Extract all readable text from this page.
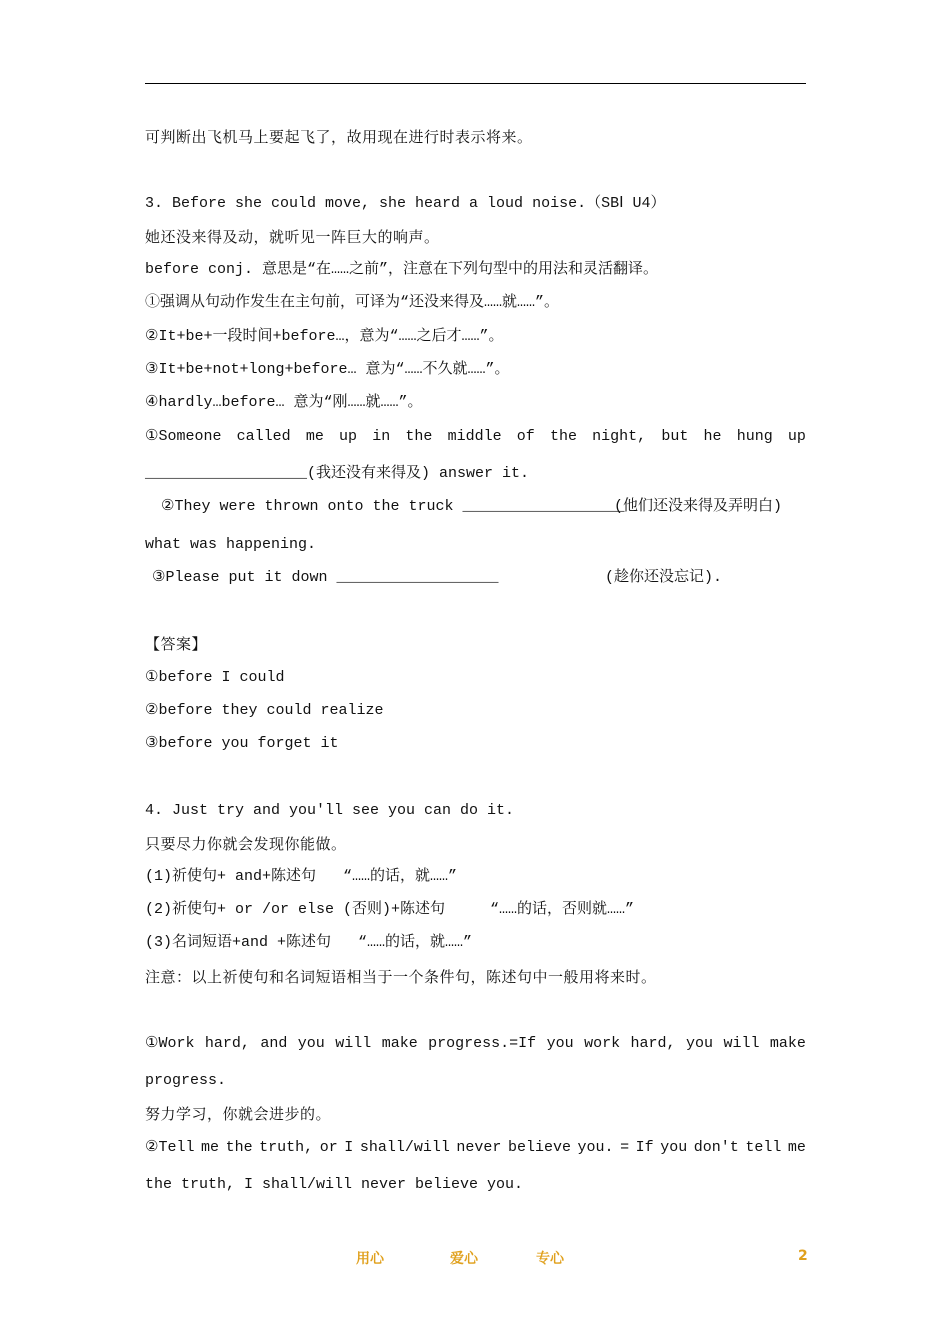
可判断出飞机马上要起飞了，故用现在进行时表示将来。
3. Before she could move, she heard a loud noise.（SBⅠ U4）
她还没来得及动，就听见一阵巨大的响声。
before conj. 意思是“在……之前”，注意在下列句型中的用法和灵活翻译。
①强调从句动作发生在主句前，可译为“还没来得及……就……”。
②It+be+一段时间+before…，意为“……之后才……”。
③It+be+not+long+before… 意为“……不久就……”。
④hardly…before… 意为“刚……就……”。
①Someone called me up in the middle of the night, but he hung up
__________________(我还没有来得及) answer it.
②They were thrown onto the truck __________________
(他们还没来得及弄明白)
what was happening.
③Please put it down __________________	(趁你还没忘记).
【答案】
①before I could
②before they could realize
③before you forget it
4. Just try and you'll see you can do it.
只要尽力你就会发现你能做。
(1)祈使句+ and+陈述句   “……的话，就……”
(2)祈使句+ or /or else (否则)+陈述句     “……的话，否则就……”
(3)名词短语+and +陈述句   “……的话，就……”
注意：以上祈使句和名词短语相当于一个条件句，陈述句中一般用将来时。
①Work hard, and you will make progress.=If you work hard, you will make
progress.
努力学习，你就会进步的。
②Tell me the truth, or I shall/will never believe you. = If you don't tell me
the truth, I shall/will never believe you.
用心	爱心	专心	2
